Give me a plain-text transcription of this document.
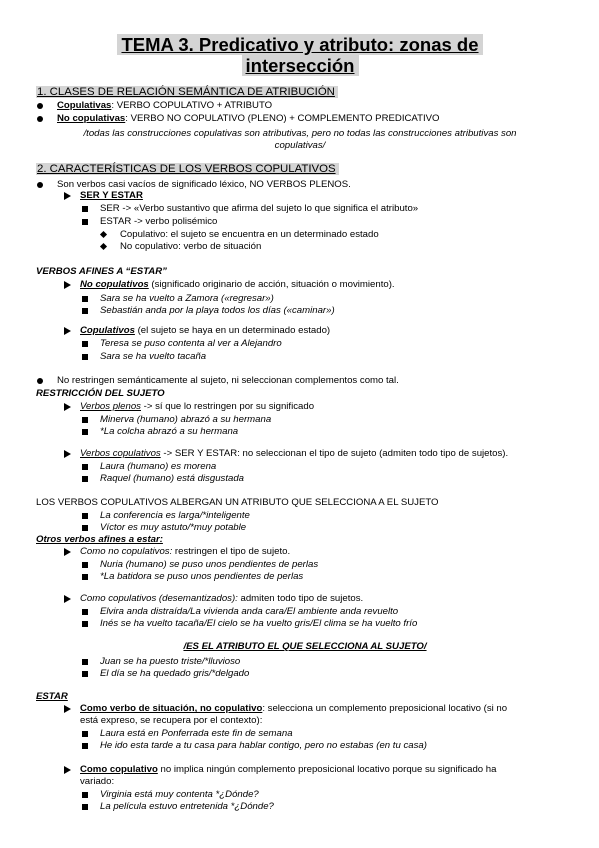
TEMA 3. Predicativo y atributo: zonas de
intersección
1. CLASES DE RELACIÓN SEMÁNTICA DE ATRIBUCIÓN
Copulativas: VERBO COPULATIVO + ATRIBUTO
No copulativas: VERBO NO COPULATIVO (PLENO) + COMPLEMENTO PREDICATIVO
/todas las construcciones copulativas son atributivas, pero no todas las construcciones atributivas son
copulativas/
2. CARACTERÍSTICAS DE LOS VERBOS COPULATIVOS
Son verbos casi vacíos de significado léxico, NO VERBOS PLENOS.
SER Y ESTAR
SER -> «Verbo sustantivo que afirma del sujeto lo que significa el atributo»
ESTAR -> verbo polisémico
Copulativo: el sujeto se encuentra en un determinado estado
No copulativo: verbo de situación
VERBOS AFINES A “ESTAR”
No copulativos (significado originario de acción, situación o movimiento).
Sara se ha vuelto a Zamora («regresar»)
Sebastián anda por la playa todos los días («caminar»)
Copulativos (el sujeto se haya en un determinado estado)
Teresa se puso contenta al ver a Alejandro
Sara se ha vuelto tacaña
No restringen semánticamente al sujeto, ni seleccionan complementos como tal.
RESTRICCIÓN DEL SUJETO
Verbos plenos -> sí que lo restringen por su significado
Minerva (humano) abrazó a su hermana
*La colcha abrazó a su hermana
Verbos copulativos -> SER Y ESTAR: no seleccionan el tipo de sujeto (admiten todo tipo de sujetos).
Laura (humano) es morena
Raquel (humano) está disgustada
LOS VERBOS COPULATIVOS ALBERGAN UN ATRIBUTO QUE SELECCIONA A EL SUJETO
La conferencia es larga/*inteligente
Víctor es muy astuto/*muy potable
Otros verbos afines a estar:
Como no copulativos: restringen el tipo de sujeto.
Nuria (humano) se puso unos pendientes de perlas
*La batidora se puso unos pendientes de perlas
Como copulativos (desemantizados): admiten todo tipo de sujetos.
Elvira anda distraída/La vivienda anda cara/El ambiente anda revuelto
Inés se ha vuelto tacaña/El cielo se ha vuelto gris/El clima se ha vuelto frío
/ES EL ATRIBUTO EL QUE SELECCIONA AL SUJETO/
Juan se ha puesto triste/*lluvioso
El día se ha quedado gris/*delgado
ESTAR
Como verbo de situación, no copulativo: selecciona un complemento preposicional locativo (si no
está expreso, se recupera por el contexto):
Laura está en Ponferrada este fin de semana
He ido esta tarde a tu casa para hablar contigo, pero no estabas (en tu casa)
Como copulativo no implica ningún complemento preposicional locativo porque su significado ha
variado:
Virginia está muy contenta *¿Dónde?
La película estuvo entretenida *¿Dónde?
